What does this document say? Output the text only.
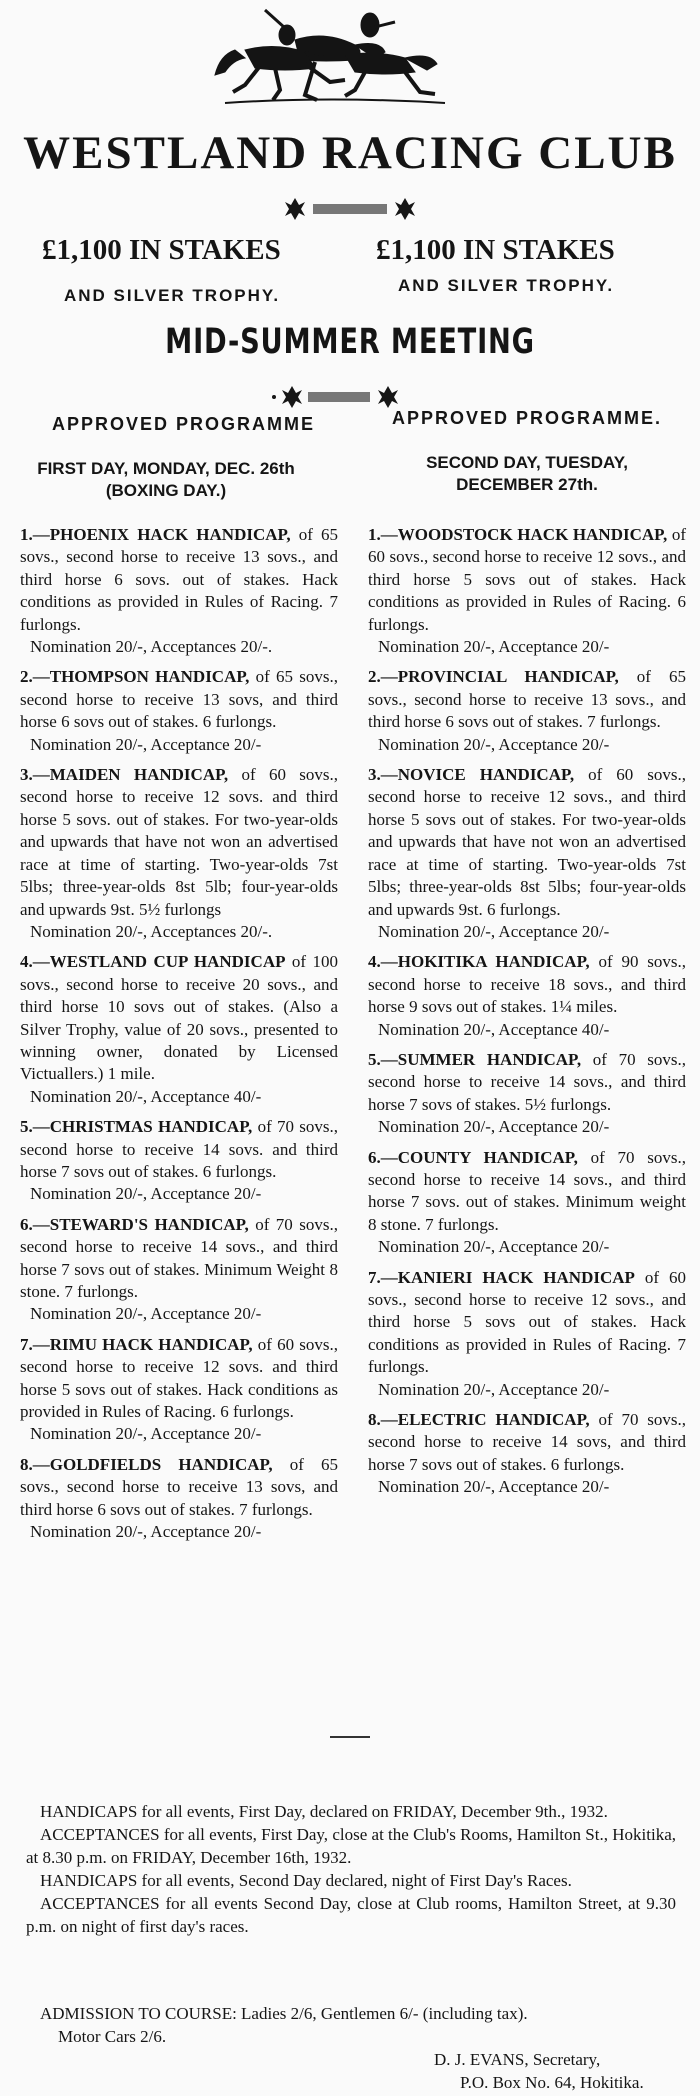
WESTLAND RACING CLUB
£1,100 IN STAKES	£1,100 IN STAKES
AND SILVER TROPHY.
AND SILVER TROPHY.
MID-SUMMER MEETING
APPROVED PROGRAMME	APPROVED PROGRAMME.
FIRST DAY, MONDAY, DEC. 26th
(BOXING DAY.)
SECOND DAY, TUESDAY,
DECEMBER 27th.

1.—PHOENIX HACK HANDICAP, of 65 sovs., second horse to receive 13 sovs., and third horse 6 sovs. out of stakes. Hack conditions as provided in Rules of Racing. 7 furlongs.

Nomination 20/-, Acceptances 20/-.

2.—THOMPSON HANDICAP, of 65 sovs., second horse to receive 13 sovs, and third horse 6 sovs out of stakes. 6 furlongs.

Nomination 20/-, Acceptance 20/-

3.—MAIDEN HANDICAP, of 60 sovs., second horse to receive 12 sovs. and third horse 5 sovs. out of stakes. For two-year-olds and upwards that have not won an advertised race at time of starting. Two-year-olds 7st 5lbs; three-year-olds 8st 5lb; four-year-olds and upwards 9st. 5½ furlongs

Nomination 20/-, Acceptances 20/-.

4.—WESTLAND CUP HANDICAP of 100 sovs., second horse to receive 20 sovs., and third horse 10 sovs out of stakes. (Also a Silver Trophy, value of 20 sovs., presented to winning owner, donated by Licensed Victuallers.) 1 mile.

Nomination 20/-, Acceptance 40/-

5.—CHRISTMAS HANDICAP, of 70 sovs., second horse to receive 14 sovs. and third horse 7 sovs out of stakes. 6 furlongs.

Nomination 20/-, Acceptance 20/-

6.—STEWARD'S HANDICAP, of 70 sovs., second horse to receive 14 sovs., and third horse 7 sovs out of stakes. Minimum Weight 8 stone. 7 furlongs.

Nomination 20/-, Acceptance 20/-

7.—RIMU HACK HANDICAP, of 60 sovs., second horse to receive 12 sovs. and third horse 5 sovs out of stakes. Hack conditions as provided in Rules of Racing. 6 furlongs.

Nomination 20/-, Acceptance 20/-

8.—GOLDFIELDS HANDICAP, of 65 sovs., second horse to receive 13 sovs, and third horse 6 sovs out of stakes. 7 furlongs.

Nomination 20/-, Acceptance 20/-

1.—WOODSTOCK HACK HANDICAP, of 60 sovs., second horse to receive 12 sovs., and third horse 5 sovs out of stakes. Hack conditions as provided in Rules of Racing. 6 furlongs.

Nomination 20/-, Acceptance 20/-

2.—PROVINCIAL HANDICAP, of 65 sovs., second horse to receive 13 sovs., and third horse 6 sovs out of stakes. 7 furlongs.

Nomination 20/-, Acceptance 20/-

3.—NOVICE HANDICAP, of 60 sovs., second horse to receive 12 sovs., and third horse 5 sovs out of stakes. For two-year-olds and upwards that have not won an advertised race at time of starting. Two-year-olds 7st 5lbs; three-year-olds 8st 5lbs; four-year-olds and upwards 9st. 6 furlongs.

Nomination 20/-, Acceptance 20/-

4.—HOKITIKA HANDICAP, of 90 sovs., second horse to receive 18 sovs., and third horse 9 sovs out of stakes. 1¼ miles.

Nomination 20/-, Acceptance 40/-

5.—SUMMER HANDICAP, of 70 sovs., second horse to receive 14 sovs., and third horse 7 sovs of stakes. 5½ furlongs.

Nomination 20/-, Acceptance 20/-

6.—COUNTY HANDICAP, of 70 sovs., second horse to receive 14 sovs., and third horse 7 sovs. out of stakes. Minimum weight 8 stone. 7 furlongs.

Nomination 20/-, Acceptance 20/-

7.—KANIERI HACK HANDICAP of 60 sovs., second horse to receive 12 sovs., and third horse 5 sovs out of stakes. Hack conditions as provided in Rules of Racing. 7 furlongs.

Nomination 20/-, Acceptance 20/-

8.—ELECTRIC HANDICAP, of 70 sovs., second horse to receive 14 sovs, and third horse 7 sovs out of stakes. 6 furlongs.

Nomination 20/-, Acceptance 20/-

HANDICAPS for all events, First Day, declared on FRIDAY, December 9th., 1932.

ACCEPTANCES for all events, First Day, close at the Club's Rooms, Hamilton St., Hokitika, at 8.30 p.m. on FRIDAY, December 16th, 1932.

HANDICAPS for all events, Second Day declared, night of First Day's Races.

ACCEPTANCES for all events Second Day, close at Club rooms, Hamilton Street, at 9.30 p.m. on night of first day's races.

ADMISSION TO COURSE: Ladies 2/6, Gentlemen 6/- (including tax).

Motor Cars 2/6.

D. J. EVANS, Secretary,

P.O. Box No. 64, Hokitika.
